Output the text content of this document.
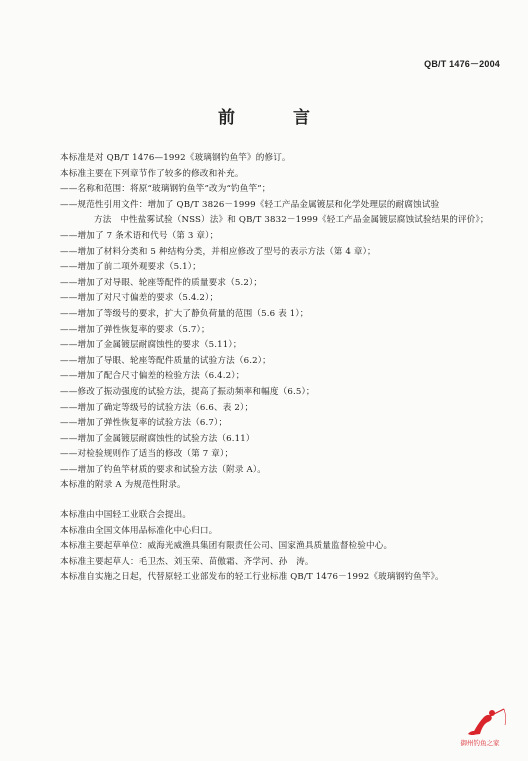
QB/T 1476－2004
前 言

本标准是对 QB/T 1476—1992《玻璃钢钓鱼竿》的修订。

本标准主要在下列章节作了较多的修改和补充。

——名称和范围：将原“玻璃钢钓鱼竿”改为“钓鱼竿”；

——规范性引用文件：增加了 QB/T 3826－1999《轻工产品金属镀层和化学处理层的耐腐蚀试验

方法　中性盐雾试验（NSS）法》和 QB/T 3832－1999《轻工产品金属镀层腐蚀试验结果的评价》；

——增加了 7 条术语和代号（第 3 章）；

——增加了材料分类和 5 种结构分类，并相应修改了型号的表示方法（第 4 章）；

——增加了前二项外观要求（5.1）；

——增加了对导眼、轮座等配件的质量要求（5.2）；

——增加了对尺寸偏差的要求（5.4.2）；

——增加了等级号的要求，扩大了静负荷量的范围（5.6 表 1）；

——增加了弹性恢复率的要求（5.7）；

——增加了金属镀层耐腐蚀性的要求（5.11）；

——增加了导眼、轮座等配件质量的试验方法（6.2）；

——增加了配合尺寸偏差的检验方法（6.4.2）；

——修改了振动强度的试验方法，提高了振动频率和幅度（6.5）；

——增加了确定等级号的试验方法（6.6、表 2）；

——增加了弹性恢复率的试验方法（6.7）；

——增加了金属镀层耐腐蚀性的试验方法（6.11）

——对检验规则作了适当的修改（第 7 章）；

——增加了钓鱼竿材质的要求和试验方法（附录 A）。

本标准的附录 A 为规范性附录。

本标准由中国轻工业联合会提出。

本标准由全国文体用品标准化中心归口。

本标准主要起草单位：威海光威渔具集团有限责任公司、国家渔具质量监督检验中心。

本标准主要起草人：毛卫杰、刘玉荣、苗傲霜、齐学河、孙　涛。

本标准自实施之日起，代替原轻工业部发布的轻工行业标准 QB/T 1476－1992《玻璃钢钓鱼竿》。

御州钓鱼之家
